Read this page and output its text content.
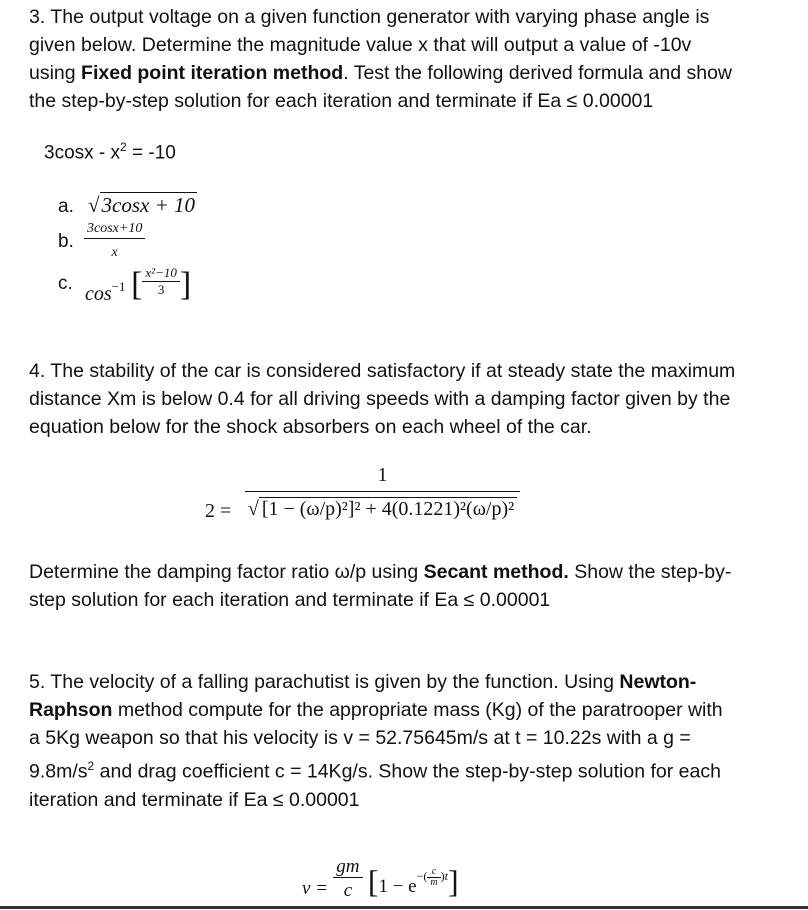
3. The output voltage on a given function generator with varying phase angle is
given below. Determine the magnitude value x that will output a value of -10v
using Fixed point iteration method. Test the following derived formula and show
the step-by-step solution for each iteration and terminate if Ea ≤ 0.00001
$3\cos x - x^2 = -10$
a. √3cosx + 10
b. $\frac{3\cos x+10}{x}$
c. cos−1 [ $\frac{\text{x²−10}}{3}$ ]
4. The stability of the car is considered satisfactory if at steady state the maximum
distance Xm is below 0.4 for all driving speeds with a damping factor given by the
equation below for the shock absorbers on each wheel of the car.
$2 = \frac{1}{\text{√ [1 − (ω/p)²]² + 4(0.1221)²(ω/p)²}}$
Determine the damping factor ratio ω/p using Secant method. Show the step-by-
step solution for each iteration and terminate if Ea ≤ 0.00001
5. The velocity of a falling parachutist is given by the function. Using Newton-
Raphson method compute for the appropriate mass (Kg) of the paratrooper with
a 5Kg weapon so that his velocity is v = 52.75645m/s at t = 10.22s with a g =
$9.8m/s^2$ and drag coefficient c = 14Kg/s. Show the step-by-step solution for each
iteration and terminate if Ea ≤ 0.00001
$v = \frac{gm}{c} [1 - e^{-( \frac{c}{m} )t}]$
